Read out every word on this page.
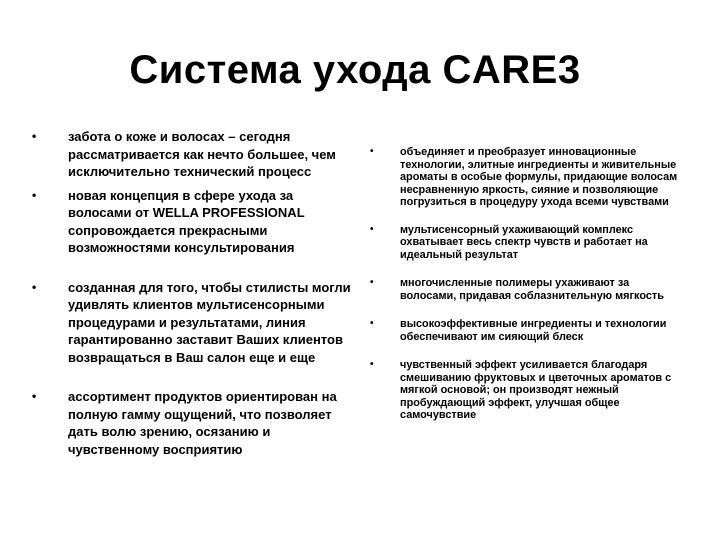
Система ухода CARE3
• забота о коже и волосах – сегодня рассматривается как нечто большее, чем исключительно технический процесс
• новая концепция в сфере ухода за волосами от WELLA PROFESSIONAL сопровождается прекрасными возможностями консультирования
• созданная для того, чтобы стилисты могли удивлять клиентов мультисенсорными процедурами и результатами, линия гарантированно заставит Ваших клиентов возвращаться в Ваш салон еще и еще
• ассортимент продуктов ориентирован на полную гамму ощущений, что позволяет дать волю зрению, осязанию и чувственному восприятию
• объединяет и преобразует инновационные технологии, элитные ингредиенты и живительные ароматы в особые формулы, придающие волосам несравненную яркость, сияние и позволяющие погрузиться в процедуру ухода всеми чувствами
• мультисенсорный ухаживающий комплекс охватывает весь спектр чувств и работает на идеальный результат
• многочисленные полимеры ухаживают за волосами, придавая соблазнительную мягкость
• высокоэффективные ингредиенты и технологии обеспечивают им сияющий блеск
• чувственный эффект усиливается благодаря смешиванию фруктовых и цветочных ароматов с мягкой основой; он производят нежный пробуждающий эффект, улучшая общее самочувствие
